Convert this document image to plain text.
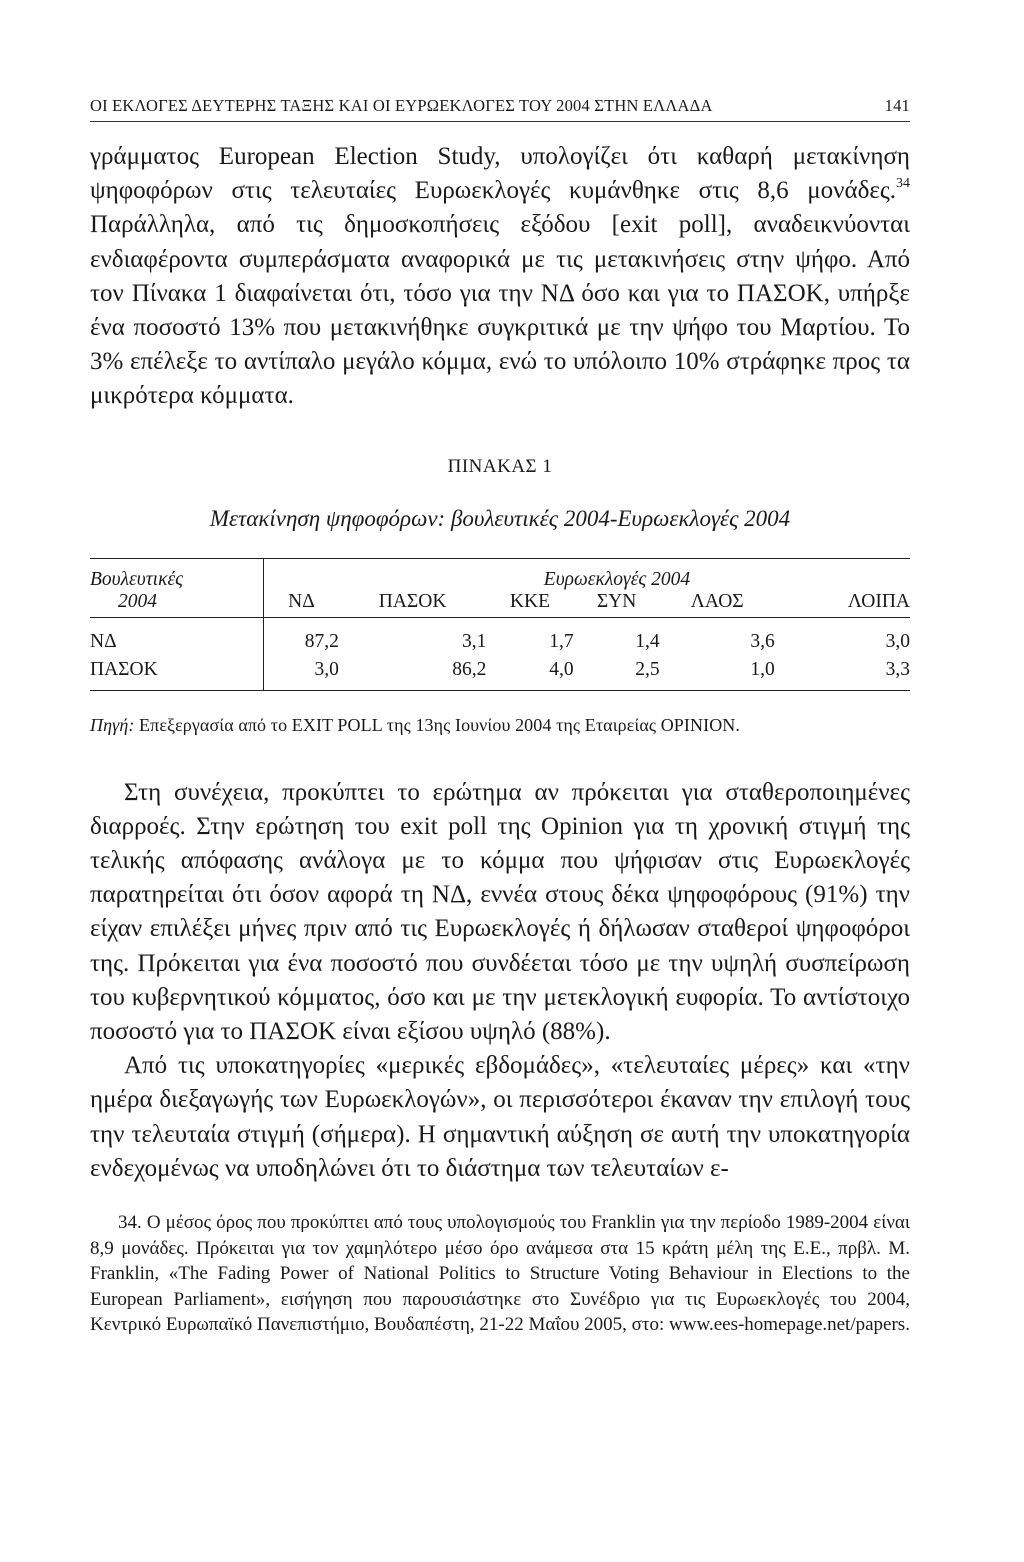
ΟΙ ΕΚΛΟΓΕΣ ΔΕΥΤΕΡΗΣ ΤΑΞΗΣ ΚΑΙ ΟΙ ΕΥΡΩΕΚΛΟΓΕΣ ΤΟΥ 2004 ΣΤΗΝ ΕΛΛΑΔΑ	141

γράμματος European Election Study, υπολογίζει ότι καθαρή μετακίνηση ψηφοφόρων στις τελευταίες Ευρωεκλογές κυμάνθηκε στις 8,6 μονάδες.$^{34}$ Παράλληλα, από τις δημοσκοπήσεις εξόδου [exit poll], αναδεικνύονται ενδιαφέροντα συμπεράσματα αναφορικά με τις μετακινήσεις στην ψήφο. Από τον Πίνακα 1 διαφαίνεται ότι, τόσο για την ΝΔ όσο και για το ΠΑΣΟΚ, υπήρξε ένα ποσοστό 13% που μετακινήθηκε συγκριτικά με την ψήφο του Μαρτίου. Το 3% επέλεξε το αντίπαλο μεγάλο κόμμα, ενώ το υπόλοιπο 10% στράφηκε προς τα μικρότερα κόμματα.

ΠΙΝΑΚΑΣ 1
Μετακίνηση ψηφοφόρων: βουλευτικές 2004-Ευρωεκλογές 2004
Βουλευτικές	Ευρωεκλογές 2004					
2004	ΝΔ	ΠΑΣΟΚ	ΚΚΕ	ΣΥΝ	ΛΑΟΣ	ΛΟΙΠΑ
ΝΔ	87,2	3,1	1,7	1,4	3,6	3,0
ΠΑΣΟΚ	3,0	86,2	4,0	2,5	1,0	3,3
Πηγή: Επεξεργασία από το EXIT POLL της 13ης Ιουνίου 2004 της Εταιρείας OPINION.

Στη συνέχεια, προκύπτει το ερώτημα αν πρόκειται για σταθεροποιημένες διαρροές. Στην ερώτηση του exit poll της Opinion για τη χρονική στιγμή της τελικής απόφασης ανάλογα με το κόμμα που ψήφισαν στις Ευρωεκλογές παρατηρείται ότι όσον αφορά τη ΝΔ, εννέα στους δέκα ψηφοφόρους (91%) την είχαν επιλέξει μήνες πριν από τις Ευρωεκλογές ή δήλωσαν σταθεροί ψηφοφόροι της. Πρόκειται για ένα ποσοστό που συνδέεται τόσο με την υψηλή συσπείρωση του κυβερνητικού κόμματος, όσο και με την μετεκλογική ευφορία. Το αντίστοιχο ποσοστό για το ΠΑΣΟΚ είναι εξίσου υψηλό (88%).

Από τις υποκατηγορίες «μερικές εβδομάδες», «τελευταίες μέρες» και «την ημέρα διεξαγωγής των Ευρωεκλογών», οι περισσότεροι έκαναν την επιλογή τους την τελευταία στιγμή (σήμερα). Η σημαντική αύξηση σε αυτή την υποκατηγορία ενδεχομένως να υποδηλώνει ότι το διάστημα των τελευταίων ε-

34. Ο μέσος όρος που προκύπτει από τους υπολογισμούς του Franklin για την περίοδο 1989-2004 είναι 8,9 μονάδες. Πρόκειται για τον χαμηλότερο μέσο όρο ανάμεσα στα 15 κράτη μέλη της Ε.Ε., πρβλ. M. Franklin, «The Fading Power of National Politics to Structure Voting Behaviour in Elections to the European Parliament», εισήγηση που παρουσιάστηκε στο Συνέδριο για τις Ευρωεκλογές του 2004, Κεντρικό Ευρωπαϊκό Πανεπιστήμιο, Βουδαπέστη, 21-22 Μαΐου 2005, στο: www.ees-homepage.net/papers.
